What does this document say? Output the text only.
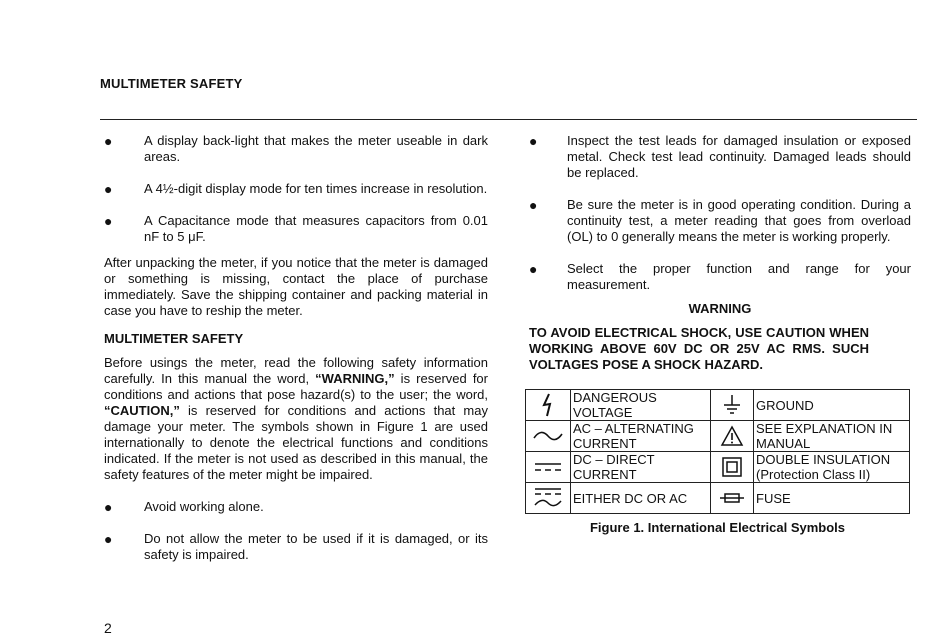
MULTIMETER SAFETY
●	A display back-light that makes the meter useable in dark areas.
●	A 4½-digit display mode for ten times increase in resolution.
●	A Capacitance mode that measures capacitors from 0.01 nF to 5 μF.

After unpacking the meter, if you notice that the meter is damaged or something is missing, contact the place of purchase immediately. Save the shipping container and packing material in case you have to reship the meter.

MULTIMETER SAFETY

Before usings the meter, read the following safety information carefully. In this manual the word, “WARNING,” is reserved for conditions and actions that pose hazard(s) to the user; the word, “CAUTION,” is reserved for conditions and actions that may damage your meter. The symbols shown in Figure 1 are used internationally to denote the electrical functions and conditions indicated. If the meter is not used as described in this manual, the safety features of the meter might be impaired.

●	Avoid working alone.
●	Do not allow the meter to be used if it is damaged, or its safety is impaired.
●	Inspect the test leads for damaged insulation or exposed metal. Check test lead continuity. Damaged leads should be replaced.
●	Be sure the meter is in good operating condition. During a continuity test, a meter reading that goes from overload (OL) to 0 generally means the meter is working properly.
●	Select the proper function and range for your measurement.
WARNING
TO AVOID ELECTRICAL SHOCK, USE CAUTION WHEN WORKING ABOVE 60V DC OR 25V AC RMS. SUCH VOLTAGES POSE A SHOCK HAZARD.
	DANGEROUS VOLTAGE		GROUND

	AC – ALTERNATING CURRENT		SEE EXPLANATION IN MANUAL

	DC – DIRECT CURRENT		DOUBLE INSULATION (Protection Class II)

	EITHER DC OR AC		FUSE
Figure 1. International Electrical Symbols
2
